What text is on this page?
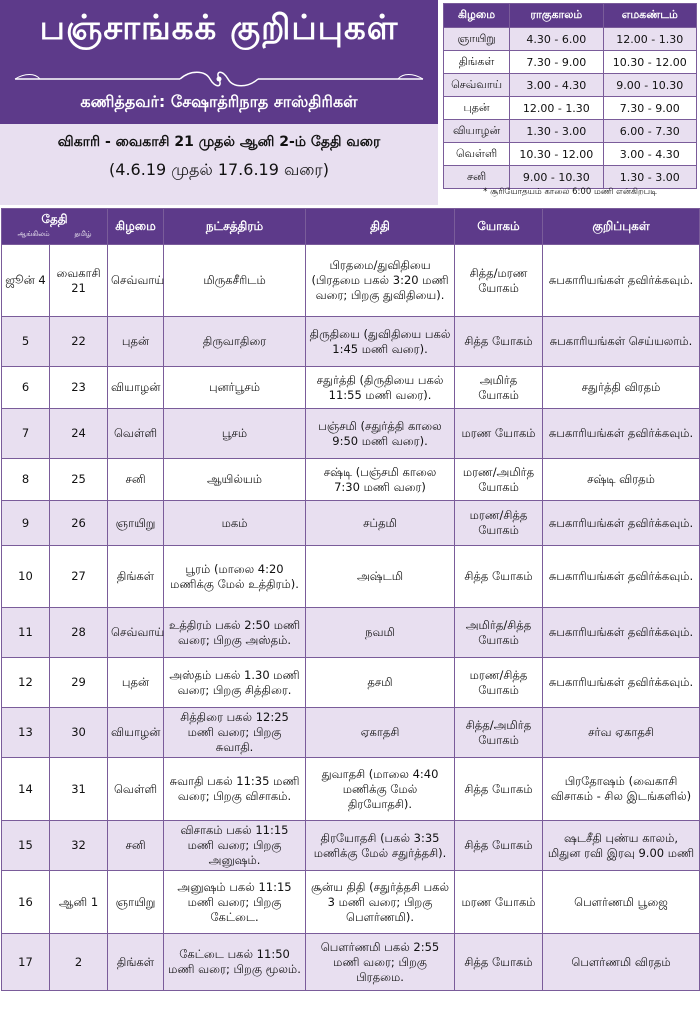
பஞ்சாங்கக் குறிப்புகள்
கணித்தவர்: சேஷாத்ரிநாத சாஸ்திரிகள்
விகாரி - வைகாசி 21 முதல் ஆனி 2-ம் தேதி வரை
(4.6.19 முதல் 17.6.19 வரை)
கிழமை	ராகுகாலம்	எமகண்டம்
ஞாயிறு	4.30 - 6.00	12.00 - 1.30
திங்கள்	7.30 - 9.00	10.30 - 12.00
செவ்வாய்	3.00 - 4.30	9.00 - 10.30
புதன்	12.00 - 1.30	7.30 - 9.00
வியாழன்	1.30 - 3.00	6.00 - 7.30
வெள்ளி	10.30 - 12.00	3.00 - 4.30
சனி	9.00 - 10.30	1.30 - 3.00
* சூரியோதயம் காலை 6:00 மணி என்கிறபடி
தேதி
ஆங்கிலம் தமிழ்		கிழமை	நட்சத்திரம்	திதி	யோகம்	குறிப்புகள்
ஜூன் 4	வைகாசி 21	செவ்வாய்	மிருகசீரிடம்	பிரதமை/துவிதியை (பிரதமை பகல் 3:20 மணி வரை; பிறகு துவிதியை).	சித்த/மரண யோகம்	சுபகாரியங்கள் தவிர்க்கவும்.
5	22	புதன்	திருவாதிரை	திருதியை (துவிதியை பகல் 1:45 மணி வரை).	சித்த யோகம்	சுபகாரியங்கள் செய்யலாம்.
6	23	வியாழன்	புனர்பூசம்	சதுர்த்தி (திருதியை பகல் 11:55 மணி வரை).	அமிர்த யோகம்	சதுர்த்தி விரதம்
7	24	வெள்ளி	பூசம்	பஞ்சமி (சதுர்த்தி காலை 9:50 மணி வரை).	மரண யோகம்	சுபகாரியங்கள் தவிர்க்கவும்.
8	25	சனி	ஆயில்யம்	சஷ்டி (பஞ்சமி காலை 7:30 மணி வரை)	மரண/அமிர்த யோகம்	சஷ்டி விரதம்
9	26	ஞாயிறு	மகம்	சப்தமி	மரண/சித்த யோகம்	சுபகாரியங்கள் தவிர்க்கவும்.
10	27	திங்கள்	பூரம் (மாலை 4:20 மணிக்கு மேல் உத்திரம்).	அஷ்டமி	சித்த யோகம்	சுபகாரியங்கள் தவிர்க்கவும்.
11	28	செவ்வாய்	உத்திரம் பகல் 2:50 மணி வரை; பிறகு அஸ்தம்.	நவமி	அமிர்த/சித்த யோகம்	சுபகாரியங்கள் தவிர்க்கவும்.
12	29	புதன்	அஸ்தம் பகல் 1.30 மணி வரை; பிறகு சித்திரை.	தசமி	மரண/சித்த யோகம்	சுபகாரியங்கள் தவிர்க்கவும்.
13	30	வியாழன்	சித்திரை பகல் 12:25 மணி வரை; பிறகு சுவாதி.	ஏகாதசி	சித்த/அமிர்த யோகம்	சர்வ ஏகாதசி
14	31	வெள்ளி	சுவாதி பகல் 11:35 மணி வரை; பிறகு விசாகம்.	துவாதசி (மாலை 4:40 மணிக்கு மேல் திரயோதசி).	சித்த யோகம்	பிரதோஷம் (வைகாசி விசாகம் - சில இடங்களில்)
15	32	சனி	விசாகம் பகல் 11:15 மணி வரை; பிறகு அனுஷம்.	திரயோதசி (பகல் 3:35 மணிக்கு மேல் சதுர்த்தசி).	சித்த யோகம்	ஷடசீதி புண்ய காலம், மிதுன ரவி இரவு 9.00 மணி
16	ஆனி 1	ஞாயிறு	அனுஷம் பகல் 11:15 மணி வரை; பிறகு கேட்டை.	சூன்ய திதி (சதுர்த்தசி பகல் 3 மணி வரை; பிறகு பௌர்ணமி).	மரண யோகம்	பௌர்ணமி பூஜை
17	2	திங்கள்	கேட்டை பகல் 11:50 மணி வரை; பிறகு மூலம்.	பௌர்ணமி பகல் 2:55 மணி வரை; பிறகு பிரதமை.	சித்த யோகம்	பௌர்ணமி விரதம்
